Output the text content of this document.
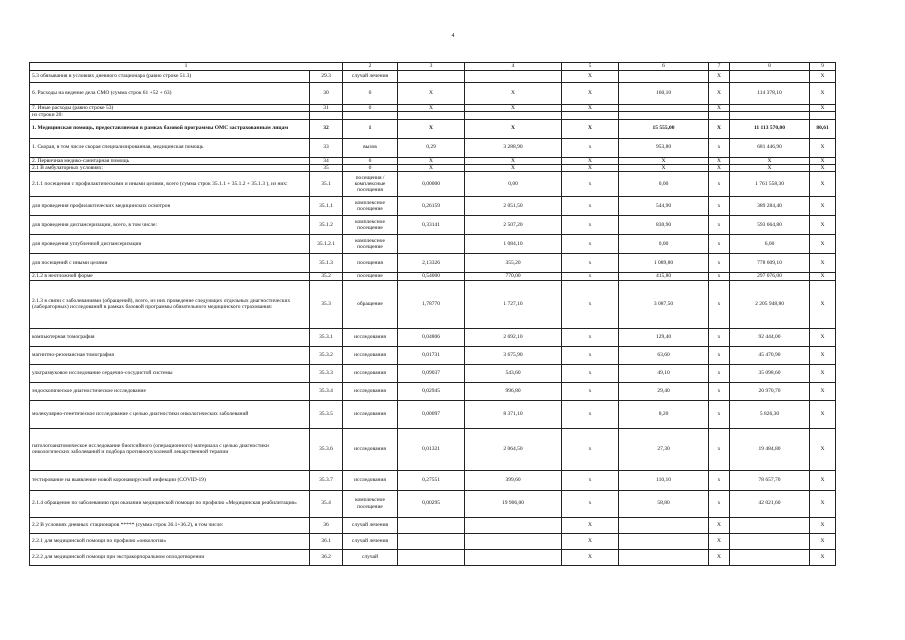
4
1		2	3	4	5	6	7	8	9
5.3 обязывания в условиях дневного стационара (равно строке 51.3)	29.3	случай лечения			X		X		X
6. Расходы на ведение дела СМО (сумма строк 61 +52 + 63)	30	0	X	X	X	160,10	X	114 378,10	X
7. Иные расходы (равно строке 53)	31	0	X	X	X		X		X
из строки 20:									
1. Медицинская помощь, предоставляемая в рамках базовой программы ОМС застрахованным лицам	32	1	X	X	X	15 555,00	X	11 113 570,00	80,61
1. Скорая, в том числе скорая специализированная, медицинская помощь	33	вызов	0,29	3 288,90	x	953,80	x	681 446,90	X
2. Первичная медико-санитарная помощь	34	0	X	X	X	X	X	X	X
2.1 В амбулаторных условиях:	35	0	X	X	X	X	X	X	X
2.1.1 посещения с профилактическими и иными целями, всего (сумма строк 35.1.1 + 35.1.2 + 35.1.3 ), из них:	35.1	посещения / комплексные посещения	0,00000	0,00	x	0,00	x	1 761 558,30	X
для проведения профилактических медицинских осмотров	35.1.1	комплексное посещение	0,26159	2 051,50	x	544,90	x	389 284,40	X
для проведения диспансеризации, всего, в том числе:	35.1.2	комплексное посещение	0,33141	2 507,20	x	830,90	x	593 664,80	X
для проведения углубленной диспансеризации	35.1.2.1	комплексное посещение		1 084,10	x	0,00	x	6,00	X
для посещений с иными целями	35.1.3	посещения	2,13326	355,20	x	1 089,80	x	778 609,10	X
2.1.2 в неотложной форме	35.2	посещение	0,54000	770,00	x	415,80	x	297 076,00	X
2.1.3 в связи с заболеваниями (обращений), всего, из них проведение следующих отдельных диагностических (лабораторных) исследований в рамках базовой программы обязательного медицинского страхования:	35.3	обращение	1,78770	1 727,10	x	3 087,50	x	2 205 948,80	X
компьютерная томография	35.3.1	исследования	0,04806	2 692,10	x	129,40	x	92 444,00	X
магнитно-резонансная томография	35.3.2	исследования	0,01731	3 675,90	x	63,60	x	45 470,90	X
ультразвуковое исследование сердечно-сосудистой системы	35.3.3	исследования	0,09037	543,60	x	49,10	x	35 098,60	X
эндоскопическое диагностическое исследование	35.3.4	исследования	0,02945	996,80	x	29,40	x	20 970,70	X
молекулярно-генетическое исследование с целью диагностики онкологических заболеваний	35.3.5	исследования	0,00097	8 371,10	x	8,20	x	5 826,30	X
патологоанатомическое исследование биопсийного (операционного) материала с целью диагностики онкологических заболеваний и подбора противоопухолевой лекарственной терапии	35.3.6	исследования	0,01321	2 064,50	x	27,30	x	19 484,80	X
тестирование на выявление новой коронавирусной инфекции (COVID-19)	35.3.7	исследования	0,27551	399,60	x	110,10	x	78 657,70	X
2.1.4 обращение по заболеванию при оказании медицинской помощи по профилю «Медицинская реабилитация»	35.4	комплексное посещение	0,00295	19 906,00	x	58,80	x	42 021,60	X
2.2 В условиях дневных стационаров ***** (сумма строк 36.1+36.2), в том числе:	36	случай лечения			X		X		X
2.2.1 для медицинской помощи по профилю «онкология»	36.1	случай лечения			X		X		X
2.2.2 для медицинской помощи при экстракорпоральном оплодотворении	36.2	случай			X		X		X
